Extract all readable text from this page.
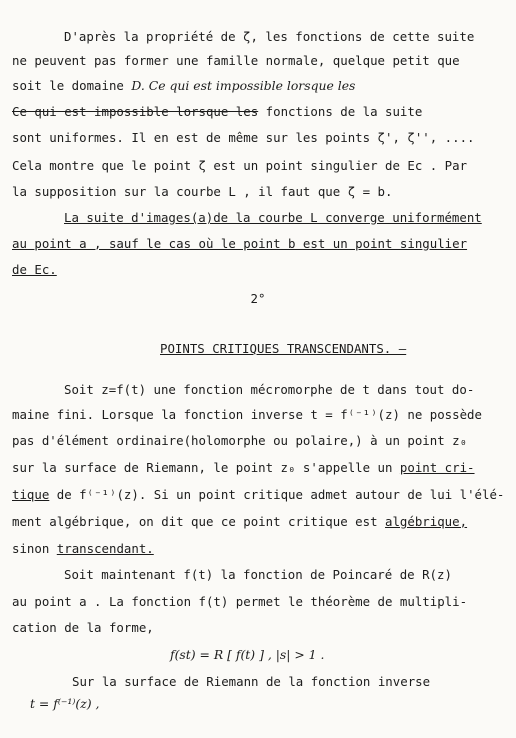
D'après la propriété de ζ, les fonctions de cette suite
ne peuvent pas former une famille normale, quelque petit que
soit le domaine D. Ce qui est impossible lorsque les
Ce qui est impossible lorsque les fonctions de la suite
sont uniformes. Il en est de même sur les points ζ', ζ'', ....
Cela montre que le point ζ est un point singulier de Ec . Par
la supposition sur la courbe L , il faut que ζ = b.
La suite d'images(a)de la courbe L converge uniformément
au point a , sauf le cas où le point b est un point singulier
de Ec.
2°
POINTS CRITIQUES TRANSCENDANTS. —
Soit z=f(t) une fonction mécromorphe de t dans tout do-
maine fini. Lorsque la fonction inverse t = f⁽⁻¹⁾(z) ne possède
pas d'élément ordinaire(holomorphe ou polaire,) à un point z₀
sur la surface de Riemann, le point z₀ s'appelle un point cri-
tique de f⁽⁻¹⁾(z). Si un point critique admet autour de lui l'élé-
ment algébrique, on dit que ce point critique est algébrique,
sinon transcendant.
Soit maintenant f(t) la fonction de Poincaré de R(z)
au point a . La fonction f(t) permet le théorème de multipli-
cation de la forme,
f(st) = R [ f(t) ] , |s| > 1 .
Sur la surface de Riemann de la fonction inverse
t = f⁽⁻¹⁾(z) ,
